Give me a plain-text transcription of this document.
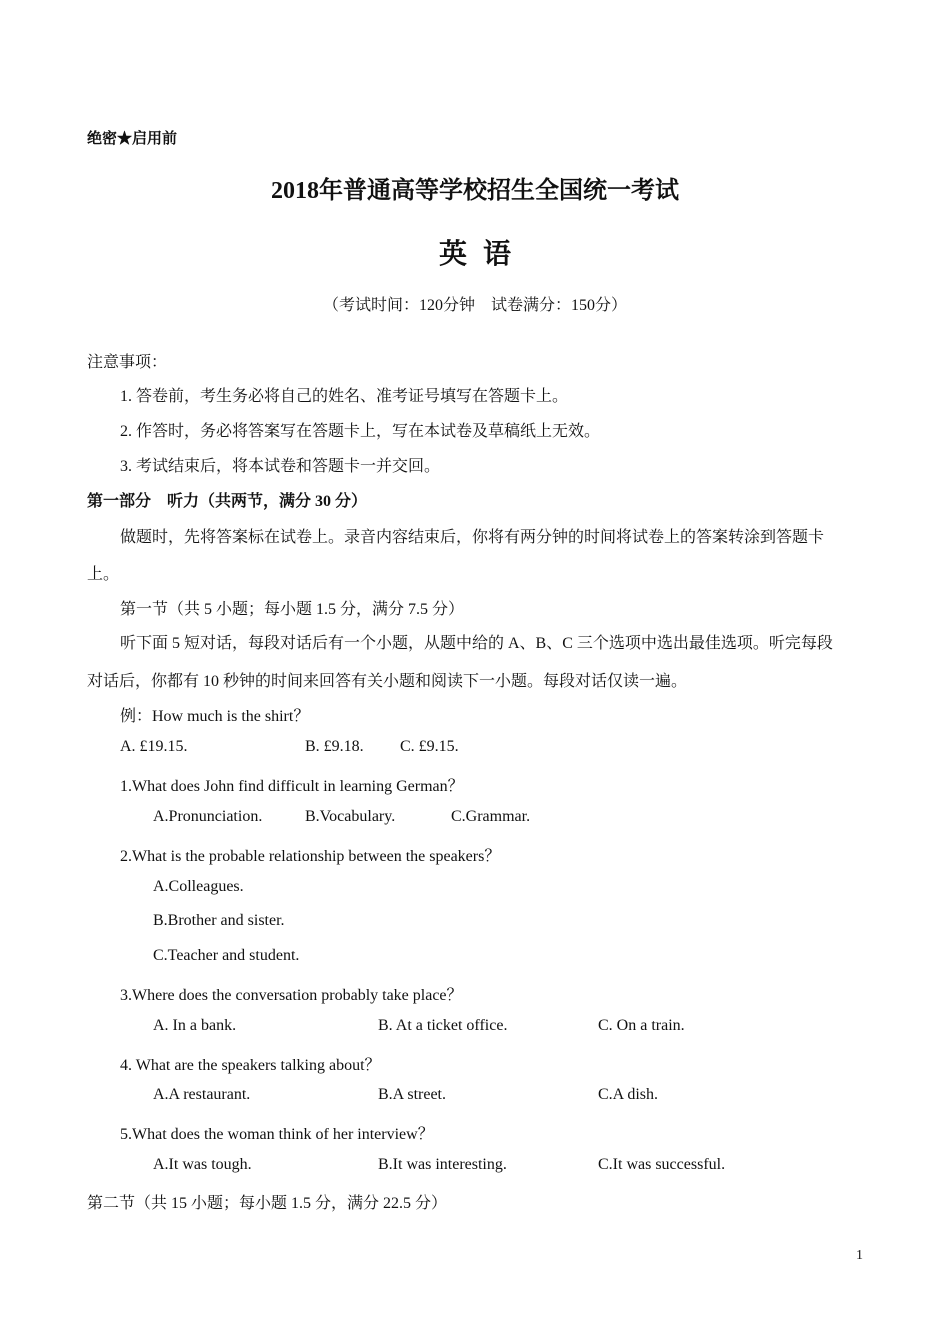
绝密★启用前
2018年普通高等学校招生全国统一考试
英语
（考试时间：120分钟　试卷满分：150分）
注意事项：
1. 答卷前，考生务必将自己的姓名、准考证号填写在答题卡上。
2. 作答时，务必将答案写在答题卡上，写在本试卷及草稿纸上无效。
3. 考试结束后，将本试卷和答题卡一并交回。
第一部分　听力（共两节，满分 30 分）
做题时，先将答案标在试卷上。录音内容结束后，你将有两分钟的时间将试卷上的答案转涂到答题卡
上。
第一节（共 5 小题；每小题 1.5 分，满分 7.5 分）
听下面 5 短对话，每段对话后有一个小题，从题中给的 A、B、C 三个选项中选出最佳选项。听完每段
对话后，你都有 10 秒钟的时间来回答有关小题和阅读下一小题。每段对话仅读一遍。
例：How much is the shirt？
A. £19.15.	B. £9.18. C. £9.15.
1.What does John find difficult in learning German？
A.Pronunciation.	B.Vocabulary.	C.Grammar.
2.What is the probable relationship between the speakers？
A.Colleagues.
B.Brother and sister.
C.Teacher and student.
3.Where does the conversation probably take place？
A. In a bank.	B. At a ticket office.	C. On a train.
4. What are the speakers talking about？
A.A restaurant.	B.A street.	C.A dish.
5.What does the woman think of her interview？
A.It was tough.	B.It was interesting.	C.It was successful.
第二节（共 15 小题；每小题 1.5 分，满分 22.5 分）
1
